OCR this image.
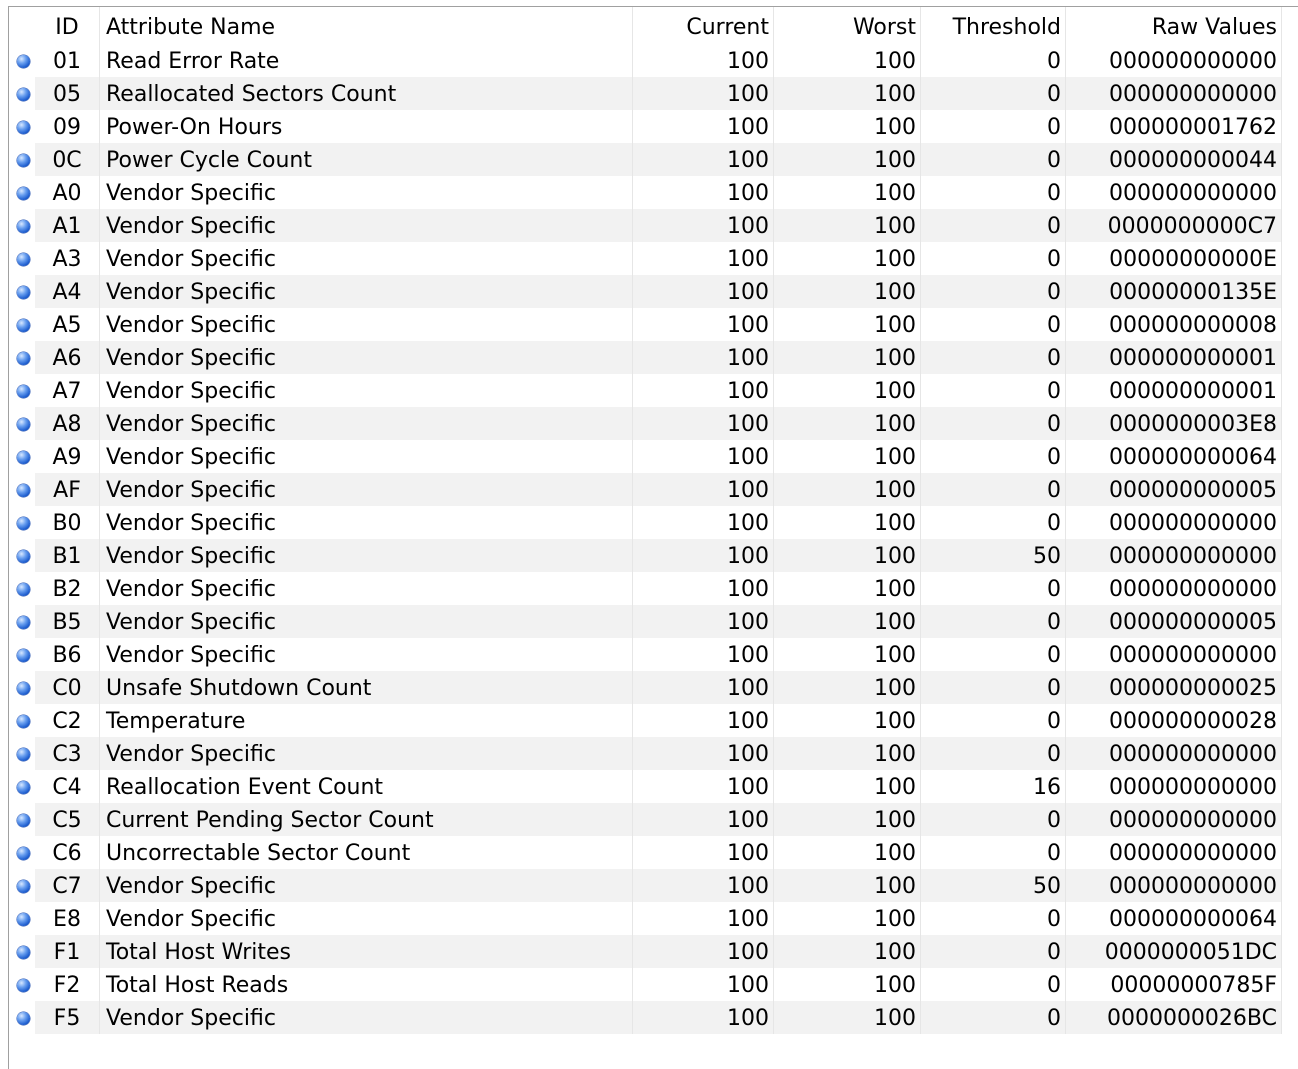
ID	Attribute Name	Current	Worst	Threshold	Raw Values
01	Read Error Rate	100	100	0	000000000000
05	Reallocated Sectors Count	100	100	0	000000000000
09	Power-On Hours	100	100	0	000000001762
0C	Power Cycle Count	100	100	0	000000000044
A0	Vendor Specific	100	100	0	000000000000
A1	Vendor Specific	100	100	0	0000000000C7
A3	Vendor Specific	100	100	0	00000000000E
A4	Vendor Specific	100	100	0	00000000135E
A5	Vendor Specific	100	100	0	000000000008
A6	Vendor Specific	100	100	0	000000000001
A7	Vendor Specific	100	100	0	000000000001
A8	Vendor Specific	100	100	0	0000000003E8
A9	Vendor Specific	100	100	0	000000000064
AF	Vendor Specific	100	100	0	000000000005
B0	Vendor Specific	100	100	0	000000000000
B1	Vendor Specific	100	100	50	000000000000
B2	Vendor Specific	100	100	0	000000000000
B5	Vendor Specific	100	100	0	000000000005
B6	Vendor Specific	100	100	0	000000000000
C0	Unsafe Shutdown Count	100	100	0	000000000025
C2	Temperature	100	100	0	000000000028
C3	Vendor Specific	100	100	0	000000000000
C4	Reallocation Event Count	100	100	16	000000000000
C5	Current Pending Sector Count	100	100	0	000000000000
C6	Uncorrectable Sector Count	100	100	0	000000000000
C7	Vendor Specific	100	100	50	000000000000
E8	Vendor Specific	100	100	0	000000000064
F1	Total Host Writes	100	100	0	0000000051DC
F2	Total Host Reads	100	100	0	00000000785F
F5	Vendor Specific	100	100	0	0000000026BC
